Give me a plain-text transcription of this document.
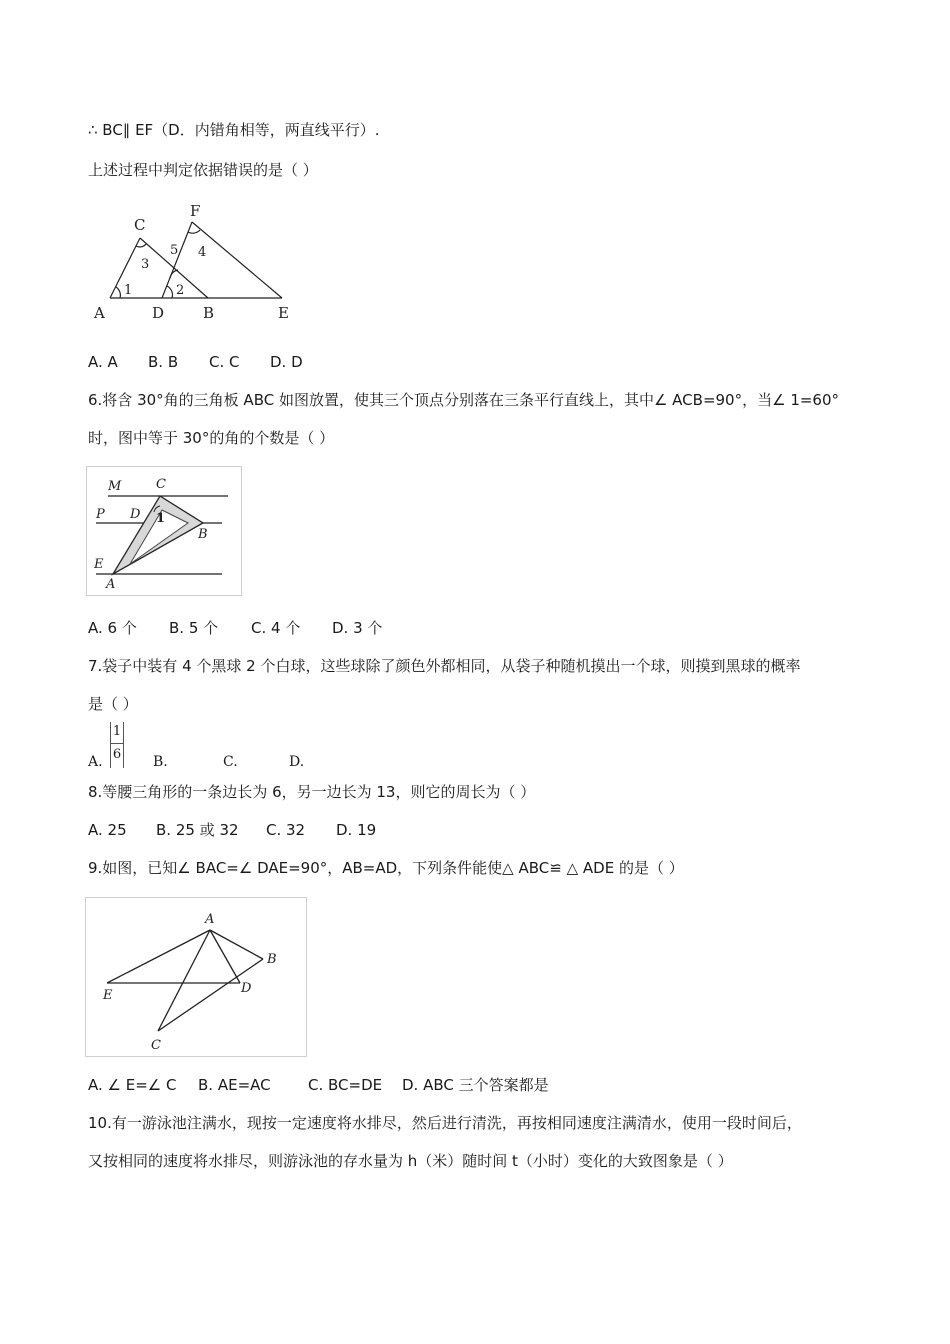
∴ BC∥ EF（D．内错角相等，两直线平行）.
上述过程中判定依据错误的是（ ）
C
F
A	D	B	E
1	2
3
4
5
A. A B. B C. C D. D
6.将含 30°角的三角板 ABC 如图放置，使其三个顶点分别落在三条平行直线上，其中∠ ACB=90°，当∠ 1=60°
时，图中等于 30°的角的个数是（ ）
M	C
P D 1
B
E
A
A. 6 个 B. 5 个 C. 4 个 D. 3 个
7.袋子中装有 4 个黑球 2 个白球，这些球除了颜色外都相同，从袋子种随机摸出一个球，则摸到黑球的概率
是（ ）
A.
1
6 B.	C.	D.
8.等腰三角形的一条边长为 6，另一边长为 13，则它的周长为（ ）
A. 25 B. 25 或 32 C. 32 D. 19
9.如图，已知∠ BAC=∠ DAE=90°，AB=AD，下列条件能使△ ABC≌ △ ADE 的是（ ）
A
B
E	D
C
A. ∠ E=∠ C B. AE=AC C. BC=DE D. ABC 三个答案都是
10.有一游泳池注满水，现按一定速度将水排尽，然后进行清洗，再按相同速度注满清水，使用一段时间后，
又按相同的速度将水排尽，则游泳池的存水量为 h（米）随时间 t（小时）变化的大致图象是（ ）
